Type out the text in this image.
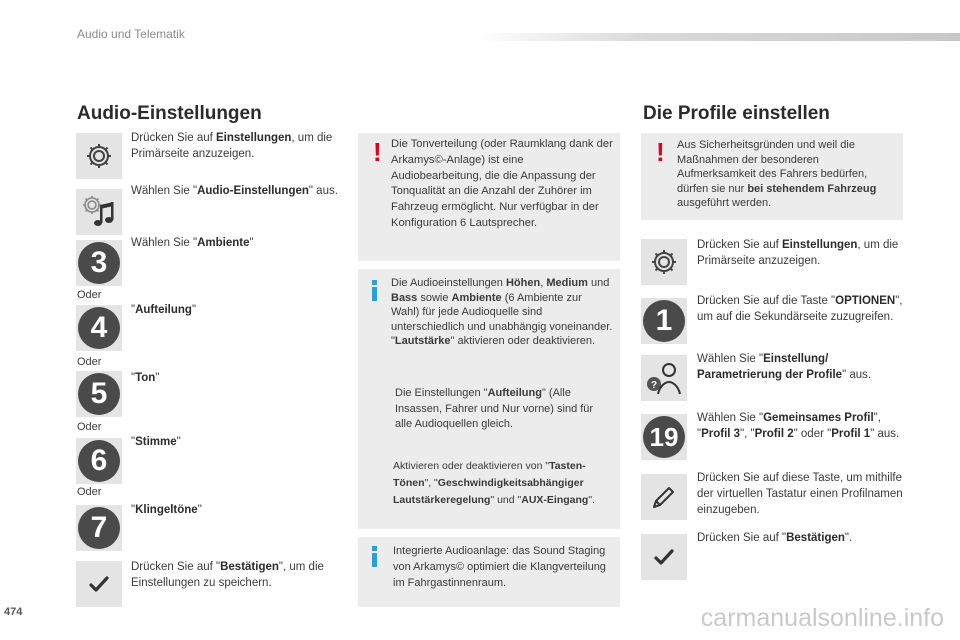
Audio und Telematik
Audio-Einstellungen
Drücken Sie auf Einstellungen, um die Primärseite anzuzeigen.
Wählen Sie "Audio-Einstellungen" aus.
3
Wählen Sie "Ambiente"
Oder
4
"Aufteilung"
Oder
5	"Ton"
Oder
6
"Stimme"
Oder
7
"Klingeltöne"
Drücken Sie auf "Bestätigen", um die Einstellungen zu speichern.
! Die Tonverteilung (oder Raumklang dank der Arkamys©-Anlage) ist eine Audiobearbeitung, die die Anpassung der Tonqualität an die Anzahl der Zuhörer im Fahrzeug ermöglicht. Nur verfügbar in der Konfiguration 6 Lautsprecher.
Die Audioeinstellungen Höhen, Medium und Bass sowie Ambiente (6 Ambiente zur Wahl) für jede Audioquelle sind unterschiedlich und unabhängig voneinander.
"Lautstärke" aktivieren oder deaktivieren.
Die Einstellungen "Aufteilung" (Alle Insassen, Fahrer und Nur vorne) sind für alle Audioquellen gleich.
Aktivieren oder deaktivieren von "Tasten-Tönen", "Geschwindigkeitsabhängiger Lautstärkeregelung" und "AUX-Eingang".
Integrierte Audioanlage: das Sound Staging von Arkamys© optimiert die Klangverteilung im Fahrgastinnenraum.
Die Profile einstellen
! Aus Sicherheitsgründen und weil die Maßnahmen der besonderen Aufmerksamkeit des Fahrers bedürfen, dürfen sie nur bei stehendem Fahrzeug ausgeführt werden.
Drücken Sie auf Einstellungen, um die Primärseite anzuzeigen.
1
Drücken Sie auf die Taste "OPTIONEN", um auf die Sekundärseite zuzugreifen.
?
Wählen Sie "Einstellung/ Parametrierung der Profile" aus.
19
Wählen Sie "Gemeinsames Profil", "Profil 3", "Profil 2" oder "Profil 1" aus.
Drücken Sie auf diese Taste, um mithilfe der virtuellen Tastatur einen Profilnamen einzugeben.
Drücken Sie auf "Bestätigen".
474	carmanualsonline.info
